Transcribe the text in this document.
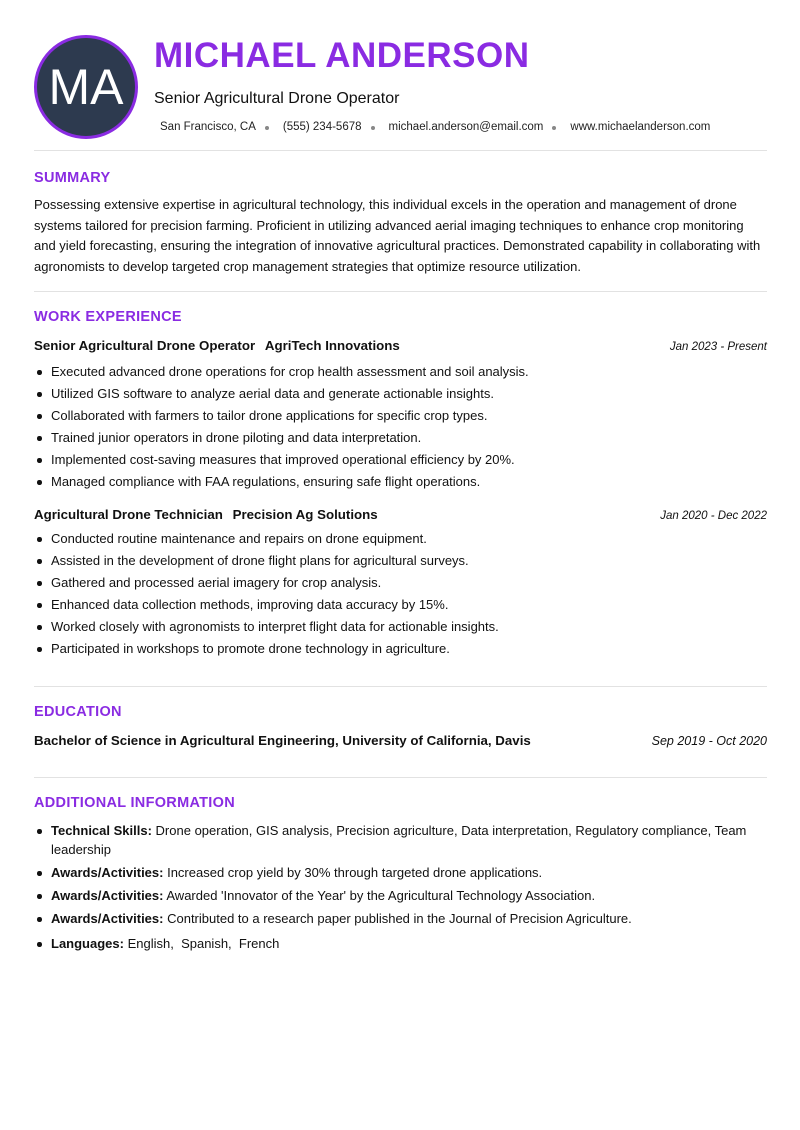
MA
MICHAEL ANDERSON
Senior Agricultural Drone Operator
San Francisco, CA (555) 234-5678 michael.anderson@email.com www.michaelanderson.com
SUMMARY

Possessing extensive expertise in agricultural technology, this individual excels in the operation and management of drone systems tailored for precision farming. Proficient in utilizing advanced aerial imaging techniques to enhance crop monitoring and yield forecasting, ensuring the integration of innovative agricultural practices. Demonstrated capability in collaborating with agronomists to develop targeted crop management strategies that optimize resource utilization.

WORK EXPERIENCE
Senior Agricultural Drone Operator AgriTech Innovations	Jan 2023 - Present
Executed advanced drone operations for crop health assessment and soil analysis.
Utilized GIS software to analyze aerial data and generate actionable insights.
Collaborated with farmers to tailor drone applications for specific crop types.
Trained junior operators in drone piloting and data interpretation.
Implemented cost-saving measures that improved operational efficiency by 20%.
Managed compliance with FAA regulations, ensuring safe flight operations.
Agricultural Drone Technician Precision Ag Solutions	Jan 2020 - Dec 2022
Conducted routine maintenance and repairs on drone equipment.
Assisted in the development of drone flight plans for agricultural surveys.
Gathered and processed aerial imagery for crop analysis.
Enhanced data collection methods, improving data accuracy by 15%.
Worked closely with agronomists to interpret flight data for actionable insights.
Participated in workshops to promote drone technology in agriculture.
EDUCATION
Bachelor of Science in Agricultural Engineering, University of California, Davis	Sep 2019 - Oct 2020
ADDITIONAL INFORMATION
Technical Skills: Drone operation, GIS analysis, Precision agriculture, Data interpretation, Regulatory compliance, Team leadership
Awards/Activities: Increased crop yield by 30% through targeted drone applications.
Awards/Activities: Awarded 'Innovator of the Year' by the Agricultural Technology Association.
Awards/Activities: Contributed to a research paper published in the Journal of Precision Agriculture.
Languages: English,  Spanish,  French
